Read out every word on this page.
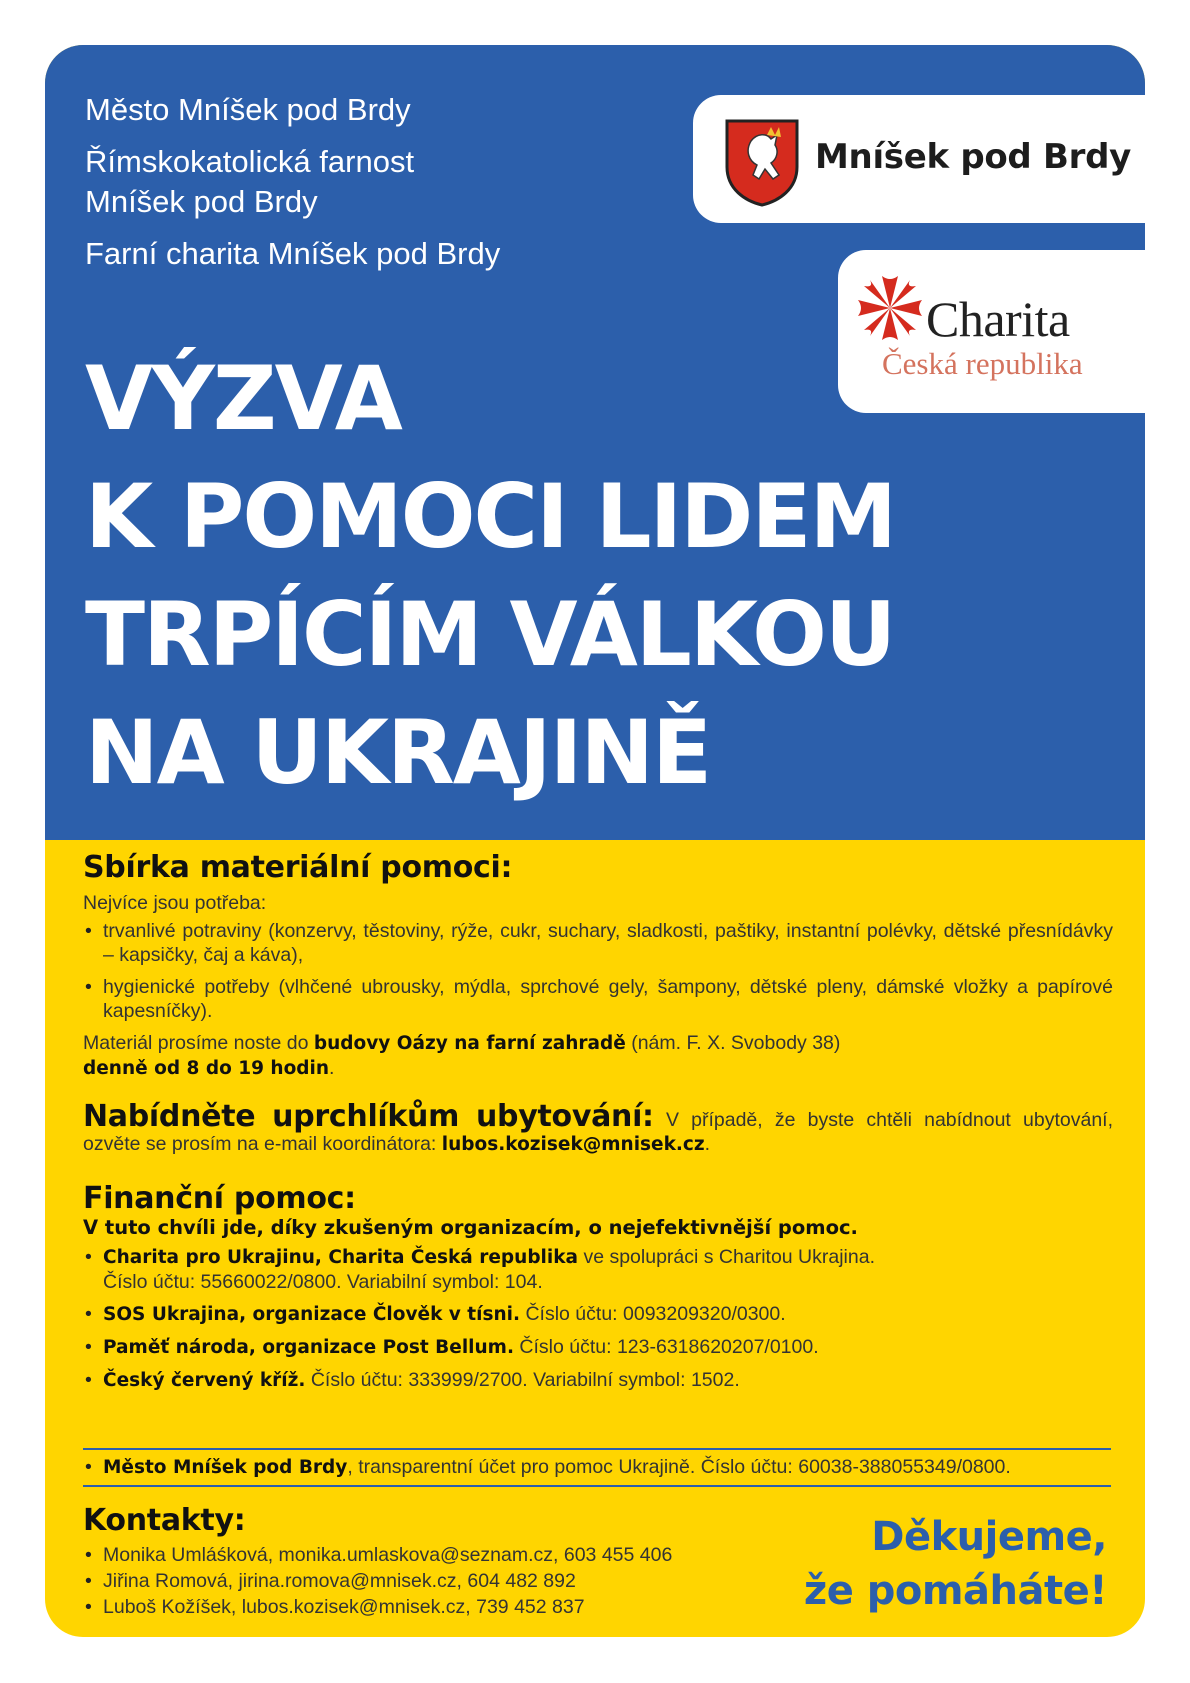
Město Mníšek pod Brdy
Římskokatolická farnost
Mníšek pod Brdy
Farní charita Mníšek pod Brdy
Mníšek pod Brdy
Charita
Česká republika
VÝZVA
K POMOCI LIDEM
TRPÍCÍM VÁLKOU
NA UKRAJINĚ
Sbírka materiální pomoci:
Nejvíce jsou potřeba:
• trvanlivé potraviny (konzervy, těstoviny, rýže, cukr, suchary, sladkosti, paštiky, instantní polévky, dětské přesnídávky – kapsičky, čaj a káva),
• hygienické potřeby (vlhčené ubrousky, mýdla, sprchové gely, šampony, dětské pleny, dámské vložky a papírové kapesníčky).
Materiál prosíme noste do budovy Oázy na farní zahradě (nám. F. X. Svobody 38)
denně od 8 do 19 hodin.
Nabídněte uprchlíkům ubytování: V případě, že byste chtěli nabídnout ubytování, ozvěte se prosím na e-mail koordinátora: lubos.kozisek@mnisek.cz.
Finanční pomoc:
V tuto chvíli jde, díky zkušeným organizacím, o nejefektivnější pomoc.
• Charita pro Ukrajinu, Charita Česká republika ve spolupráci s Charitou Ukrajina.
Číslo účtu: 55660022/0800. Variabilní symbol: 104.
• SOS Ukrajina, organizace Člověk v tísni. Číslo účtu: 0093209320/0300.
• Paměť národa, organizace Post Bellum. Číslo účtu: 123-6318620207/0100.
• Český červený kříž. Číslo účtu: 333999/2700. Variabilní symbol: 1502.
• Město Mníšek pod Brdy, transparentní účet pro pomoc Ukrajině. Číslo účtu: 60038-388055349/0800.
Kontakty:
• Monika Umláśková, monika.umlaskova@seznam.cz, 603 455 406
• Jiřina Romová, jirina.romova@mnisek.cz, 604 482 892
• Luboš Kožíšek, lubos.kozisek@mnisek.cz, 739 452 837
Děkujeme,
že pomáháte!
